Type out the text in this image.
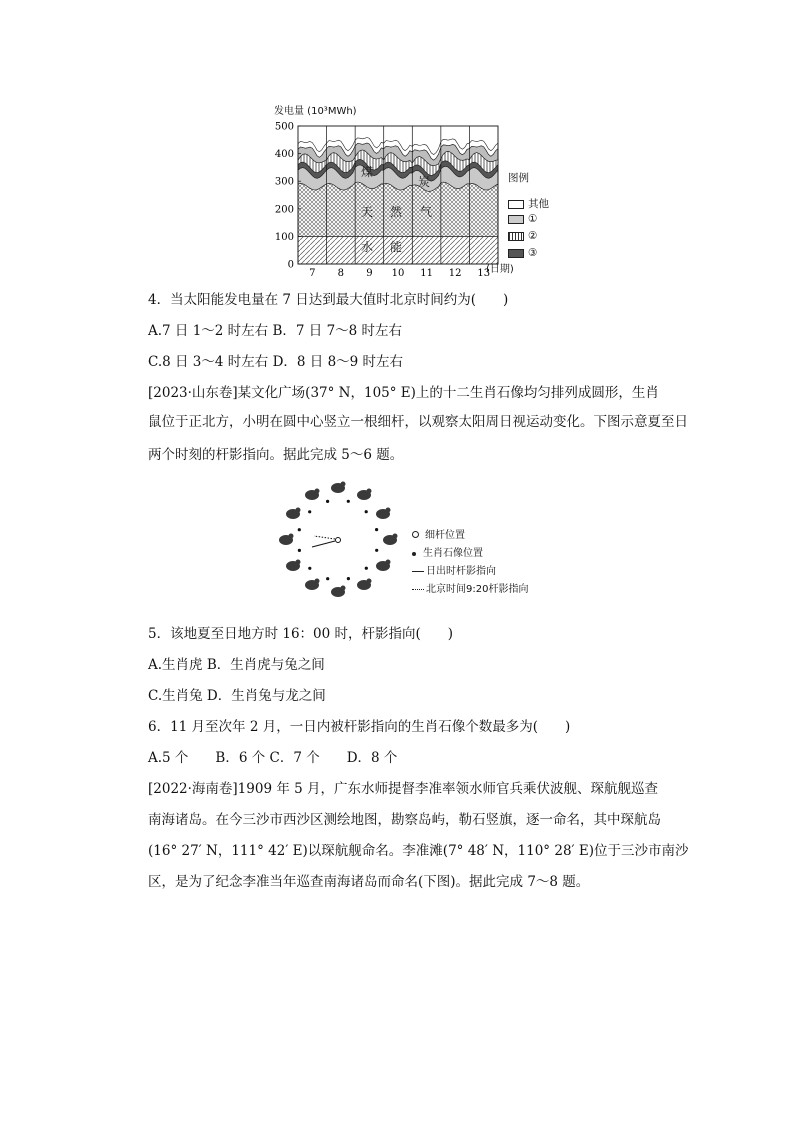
500
400
300
200
100
0
7 8 9 10 11 12 13
煤
炭
天 然 气
水 能
发电量 (10³MWh)
(日期)
图例
其他
①
②
③
4．当太阳能发电量在 7 日达到最大值时北京时间约为(　　)
A.7 日 1～2 时左右 B．7 日 7～8 时左右
C.8 日 3～4 时左右 D．8 日 8～9 时左右
[2023·山东卷]某文化广场(37° N，105° E)上的十二生肖石像均匀排列成圆形，生肖
鼠位于正北方，小明在圆中心竖立一根细杆，以观察太阳周日视运动变化。下图示意夏至日
两个时刻的杆影指向。据此完成 5～6 题。
细杆位置
生肖石像位置
日出时杆影指向
北京时间9:20杆影指向
5．该地夏至日地方时 16：00 时，杆影指向(　　)
A.生肖虎 B．生肖虎与兔之间
C.生肖兔 D．生肖兔与龙之间
6．11 月至次年 2 月，一日内被杆影指向的生肖石像个数最多为(　　)
A.5 个　　B．6 个 C．7 个　　D．8 个
[2022·海南卷]1909 年 5 月，广东水师提督李准率领水师官兵乘伏波舰、琛航舰巡查
南海诸岛。在今三沙市西沙区测绘地图，勘察岛屿，勒石竖旗，逐一命名，其中琛航岛
(16° 27′ N，111° 42′ E)以琛航舰命名。李准滩(7° 48′ N，110° 28′ E)位于三沙市南沙
区，是为了纪念李准当年巡查南海诸岛而命名(下图)。据此完成 7～8 题。
